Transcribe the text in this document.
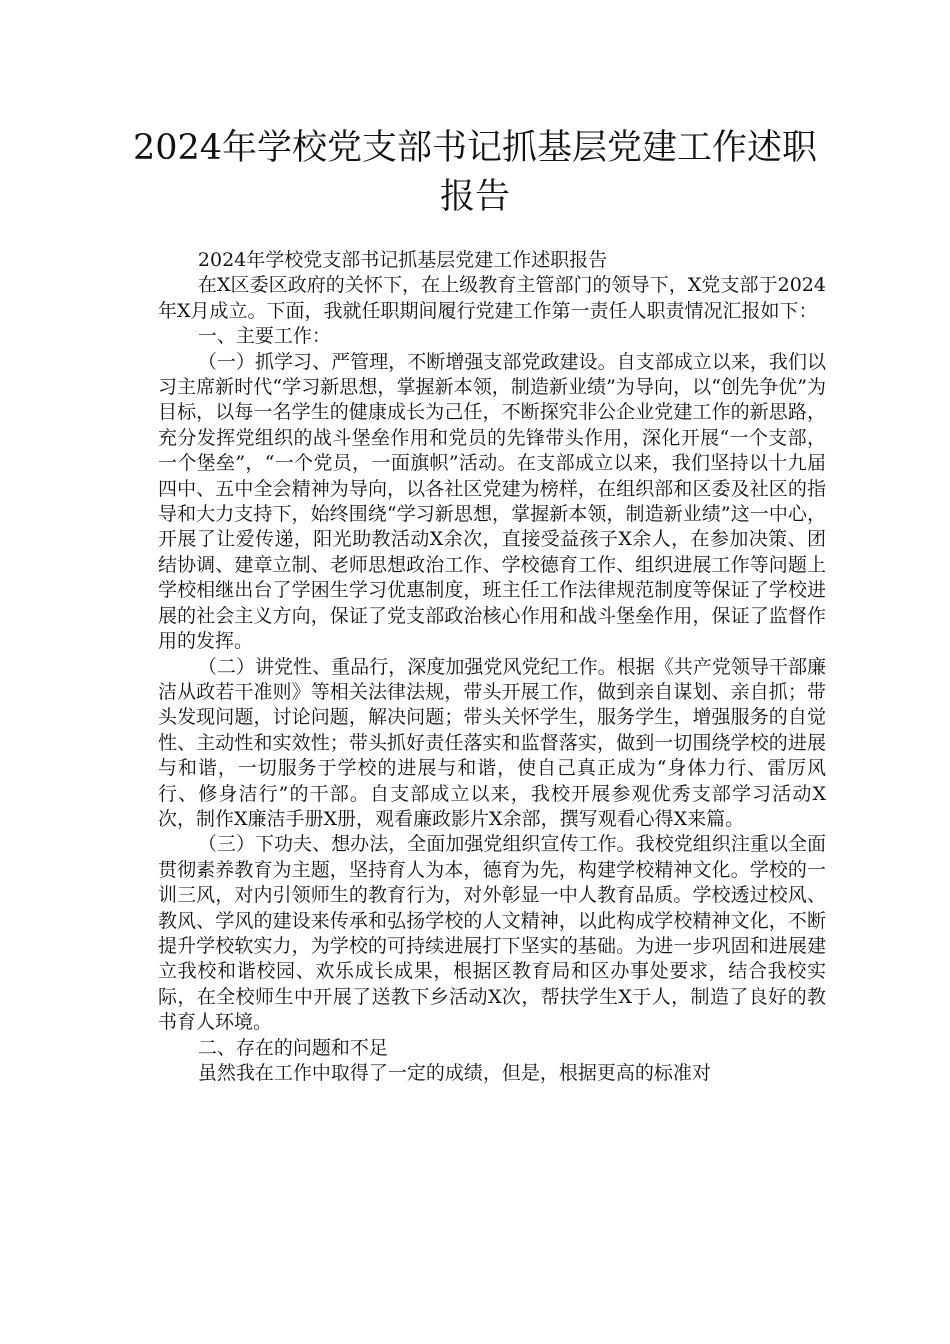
2024年学校党支部书记抓基层党建工作述职报告

2024年学校党支部书记抓基层党建工作述职报告

在X区委区政府的关怀下，在上级教育主管部门的领导下，X党支部于2024年X月成立。下面，我就任职期间履行党建工作第一责任人职责情况汇报如下：

一、主要工作：

（一）抓学习、严管理，不断增强支部党政建设。自支部成立以来，我们以习主席新时代“学习新思想，掌握新本领，制造新业绩”为导向，以“创先争优”为目标，以每一名学生的健康成长为己任，不断探究非公企业党建工作的新思路，充分发挥党组织的战斗堡垒作用和党员的先锋带头作用，深化开展“一个支部，一个堡垒”，“一个党员，一面旗帜”活动。在支部成立以来，我们坚持以十九届四中、五中全会精神为导向，以各社区党建为榜样，在组织部和区委及社区的指导和大力支持下，始终围绕“学习新思想，掌握新本领，制造新业绩”这一中心，开展了让爱传递，阳光助教活动X余次，直接受益孩子X余人，在参加决策、团结协调、建章立制、老师思想政治工作、学校德育工作、组织进展工作等问题上学校相继出台了学困生学习优惠制度，班主任工作法律规范制度等保证了学校进展的社会主义方向，保证了党支部政治核心作用和战斗堡垒作用，保证了监督作用的发挥。

（二）讲党性、重品行，深度加强党风党纪工作。根据《共产党领导干部廉洁从政若干准则》等相关法律法规，带头开展工作，做到亲自谋划、亲自抓；带头发现问题，讨论问题，解决问题；带头关怀学生，服务学生，增强服务的自觉性、主动性和实效性；带头抓好责任落实和监督落实，做到一切围绕学校的进展与和谐，一切服务于学校的进展与和谐，使自己真正成为“身体力行、雷厉风行、修身洁行”的干部。自支部成立以来，我校开展参观优秀支部学习活动X次，制作X廉洁手册X册，观看廉政影片X余部，撰写观看心得X来篇。

（三）下功夫、想办法，全面加强党组织宣传工作。我校党组织注重以全面贯彻素养教育为主题，坚持育人为本，德育为先，构建学校精神文化。学校的一训三风，对内引领师生的教育行为，对外彰显一中人教育品质。学校透过校风、教风、学风的建设来传承和弘扬学校的人文精神，以此构成学校精神文化，不断提升学校软实力，为学校的可持续进展打下坚实的基础。为进一步巩固和进展建立我校和谐校园、欢乐成长成果，根据区教育局和区办事处要求，结合我校实际，在全校师生中开展了送教下乡活动X次，帮扶学生X于人，制造了良好的教书育人环境。

二、存在的问题和不足

虽然我在工作中取得了一定的成绩，但是，根据更高的标准对
